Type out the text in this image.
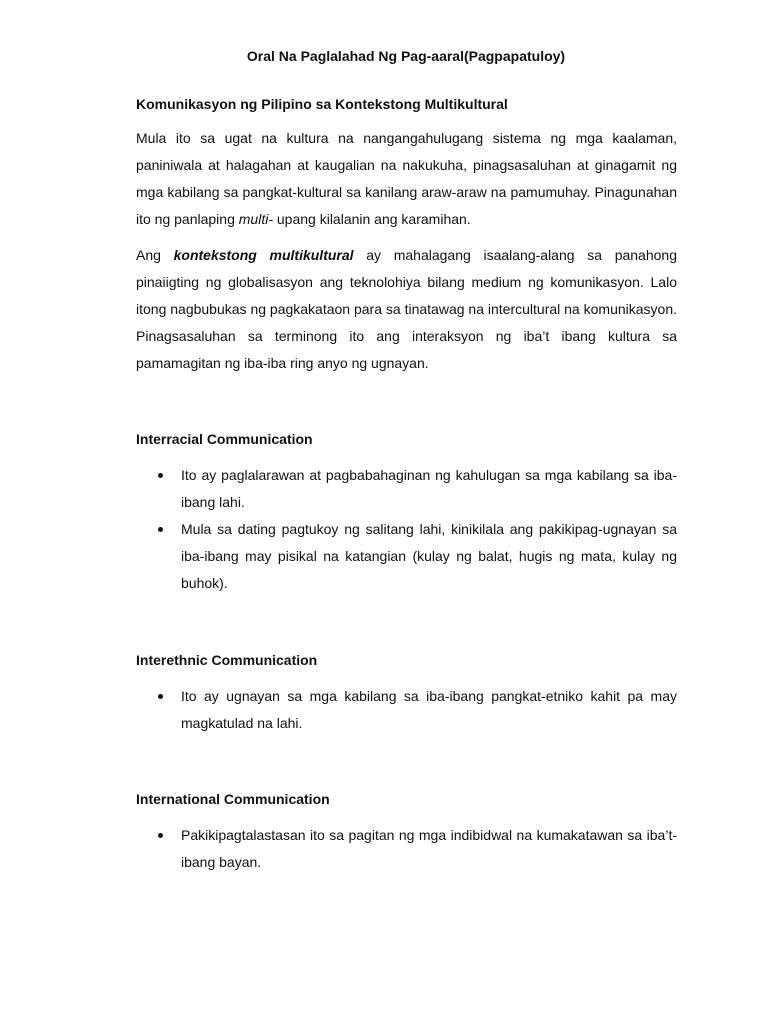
Oral Na Paglalahad Ng Pag-aaral(Pagpapatuloy)
Komunikasyon ng Pilipino sa Kontekstong Multikultural

Mula ito sa ugat na kultura na nangangahulugang sistema ng mga kaalaman, paniniwala at halagahan at kaugalian na nakukuha, pinagsasaluhan at ginagamit ng mga kabilang sa pangkat-kultural sa kanilang araw-araw na pamumuhay. Pinagunahan ito ng panlaping multi- upang kilalanin ang karamihan.

Ang kontekstong multikultural ay mahalagang isaalang-alang sa panahong pinaiigting ng globalisasyon ang teknolohiya bilang medium ng komunikasyon. Lalo itong nagbubukas ng pagkakataon para sa tinatawag na intercultural na komunikasyon. Pinagsasaluhan sa terminong ito ang interaksyon ng iba’t ibang kultura sa pamamagitan ng iba-iba ring anyo ng ugnayan.

Interracial Communication
Ito ay paglalarawan at pagbabahaginan ng kahulugan sa mga kabilang sa iba-ibang lahi.
Mula sa dating pagtukoy ng salitang lahi, kinikilala ang pakikipag-ugnayan sa iba-ibang may pisikal na katangian (kulay ng balat, hugis ng mata, kulay ng buhok).
Interethnic Communication
Ito ay ugnayan sa mga kabilang sa iba-ibang pangkat-etniko kahit pa may magkatulad na lahi.
International Communication
Pakikipagtalastasan ito sa pagitan ng mga indibidwal na kumakatawan sa iba’t-ibang bayan.
